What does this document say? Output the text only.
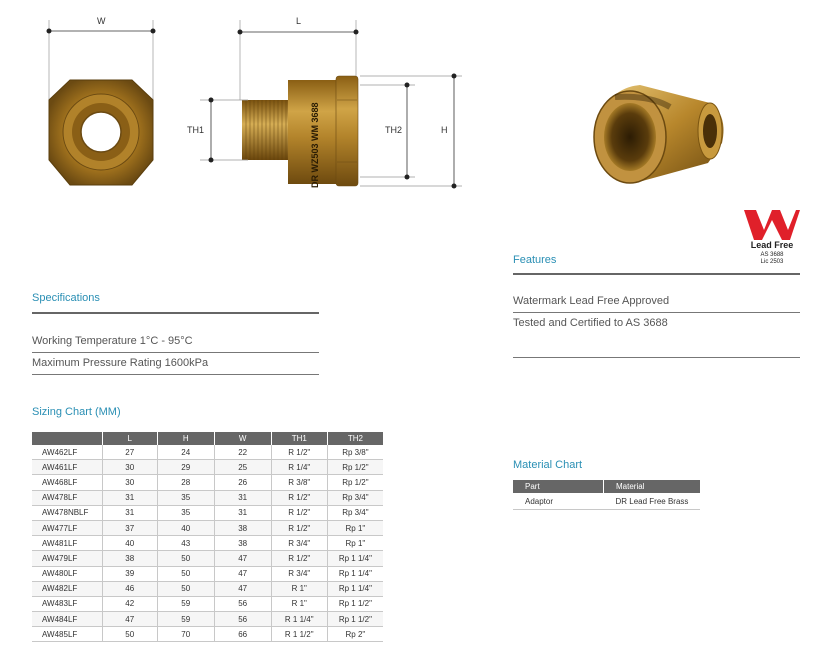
DR WZ503 WM 3688
W	L
TH1	TH2	H
Lead Free
AS 3688
Lic 2503
Features
Watermark Lead Free Approved
Tested and Certified to AS 3688
Specifications
Working Temperature 1°C - 95°C
Maximum Pressure Rating 1600kPa
Sizing Chart (MM)
	L	H	W	TH1	TH2
AW462LF	27	24	22	R 1/2"	Rp 3/8"
AW461LF	30	29	25	R 1/4"	Rp 1/2"
AW468LF	30	28	26	R 3/8"	Rp 1/2"
AW478LF	31	35	31	R 1/2"	Rp 3/4"
AW478NBLF	31	35	31	R 1/2"	Rp 3/4"
AW477LF	37	40	38	R 1/2"	Rp 1"
AW481LF	40	43	38	R 3/4"	Rp 1"
AW479LF	38	50	47	R 1/2"	Rp 1 1/4"
AW480LF	39	50	47	R 3/4"	Rp 1 1/4"
AW482LF	46	50	47	R 1"	Rp 1 1/4"
AW483LF	42	59	56	R 1"	Rp 1 1/2"
AW484LF	47	59	56	R 1 1/4"	Rp 1 1/2"
AW485LF	50	70	66	R 1 1/2"	Rp 2"
Material Chart
Part	Material
Adaptor	DR Lead Free Brass
